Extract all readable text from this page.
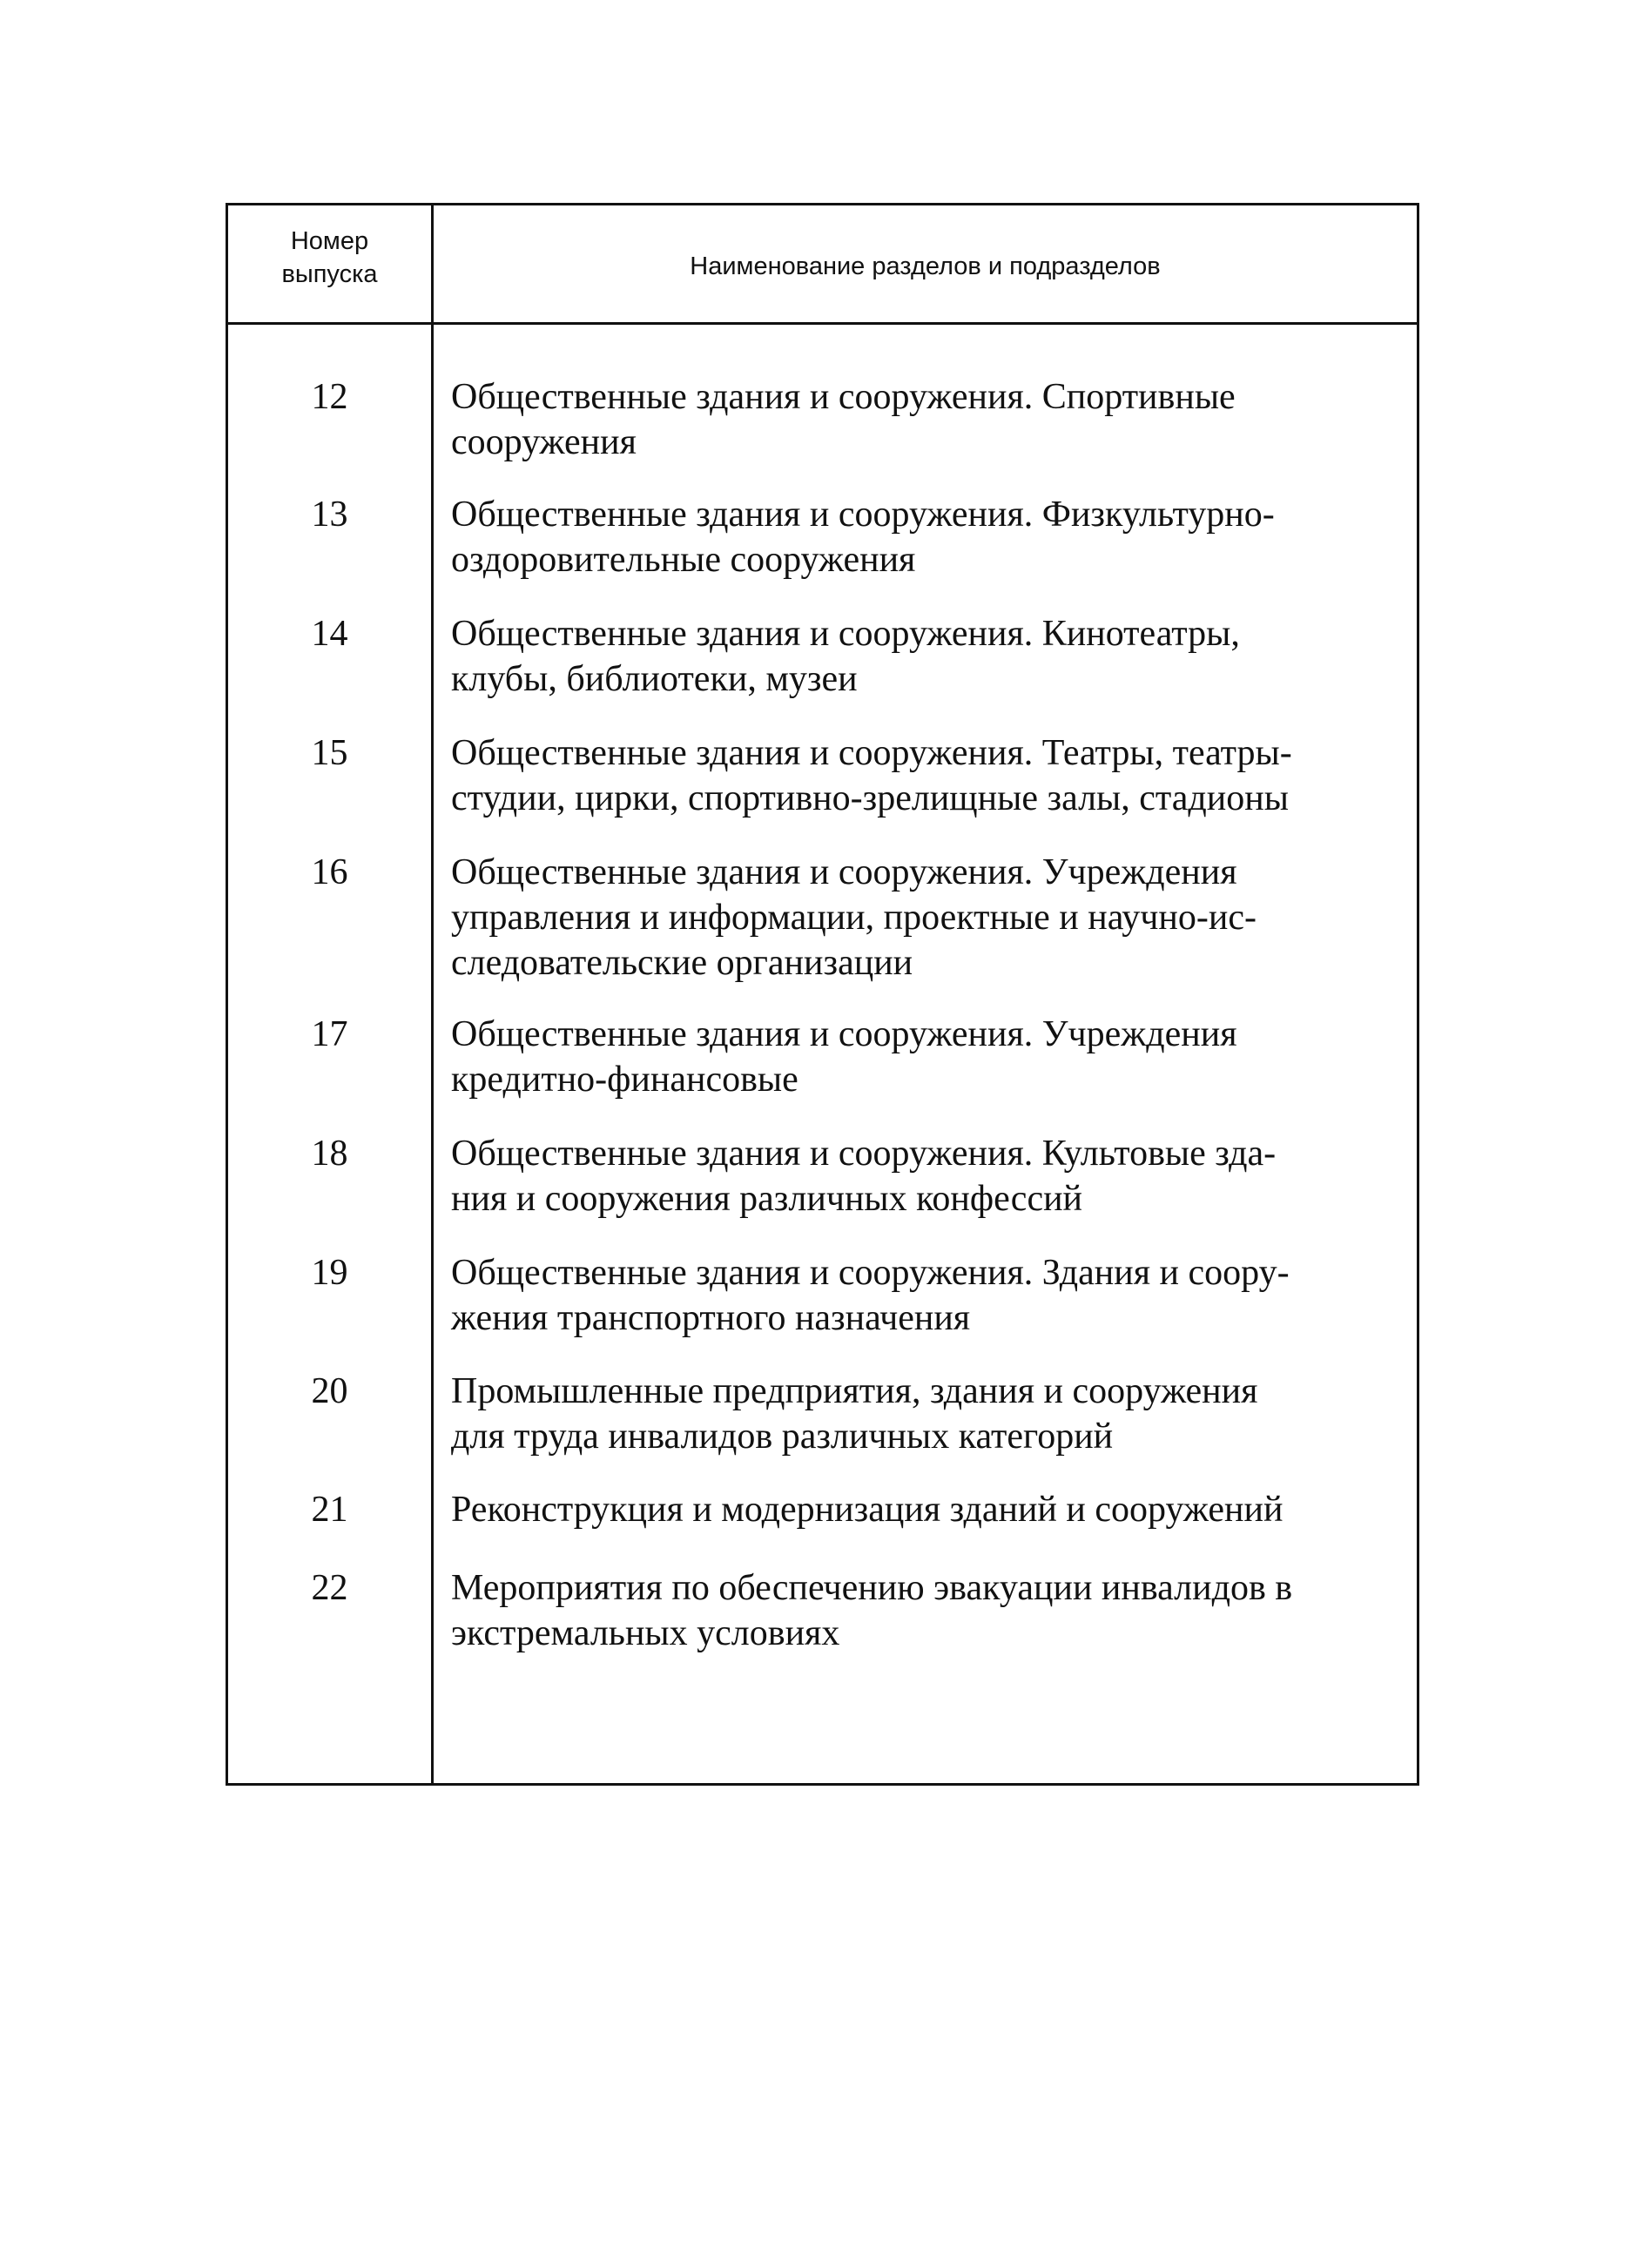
Номер
выпуска	Наименование разделов и подразделов
12	Общественные здания и сооружения. Спортивные
сооружения
13	Общественные здания и сооружения. Физкультурно-
оздоровительные сооружения
14	Общественные здания и сооружения. Кинотеатры,
клубы, библиотеки, музеи
15	Общественные здания и сооружения. Театры, театры-
студии, цирки, спортивно-зрелищные залы, стадионы
16	Общественные здания и сооружения. Учреждения
управления и информации, проектные и научно-ис-
следовательские организации
17	Общественные здания и сооружения. Учреждения
кредитно-финансовые
18	Общественные здания и сооружения. Культовые зда-
ния и сооружения различных конфессий
19	Общественные здания и сооружения. Здания и соору-
жения транспортного назначения
20	Промышленные предприятия, здания и сооружения
для труда инвалидов различных категорий
21	Реконструкция и модернизация зданий и сооружений
22	Мероприятия по обеспечению эвакуации инвалидов в
экстремальных условиях
